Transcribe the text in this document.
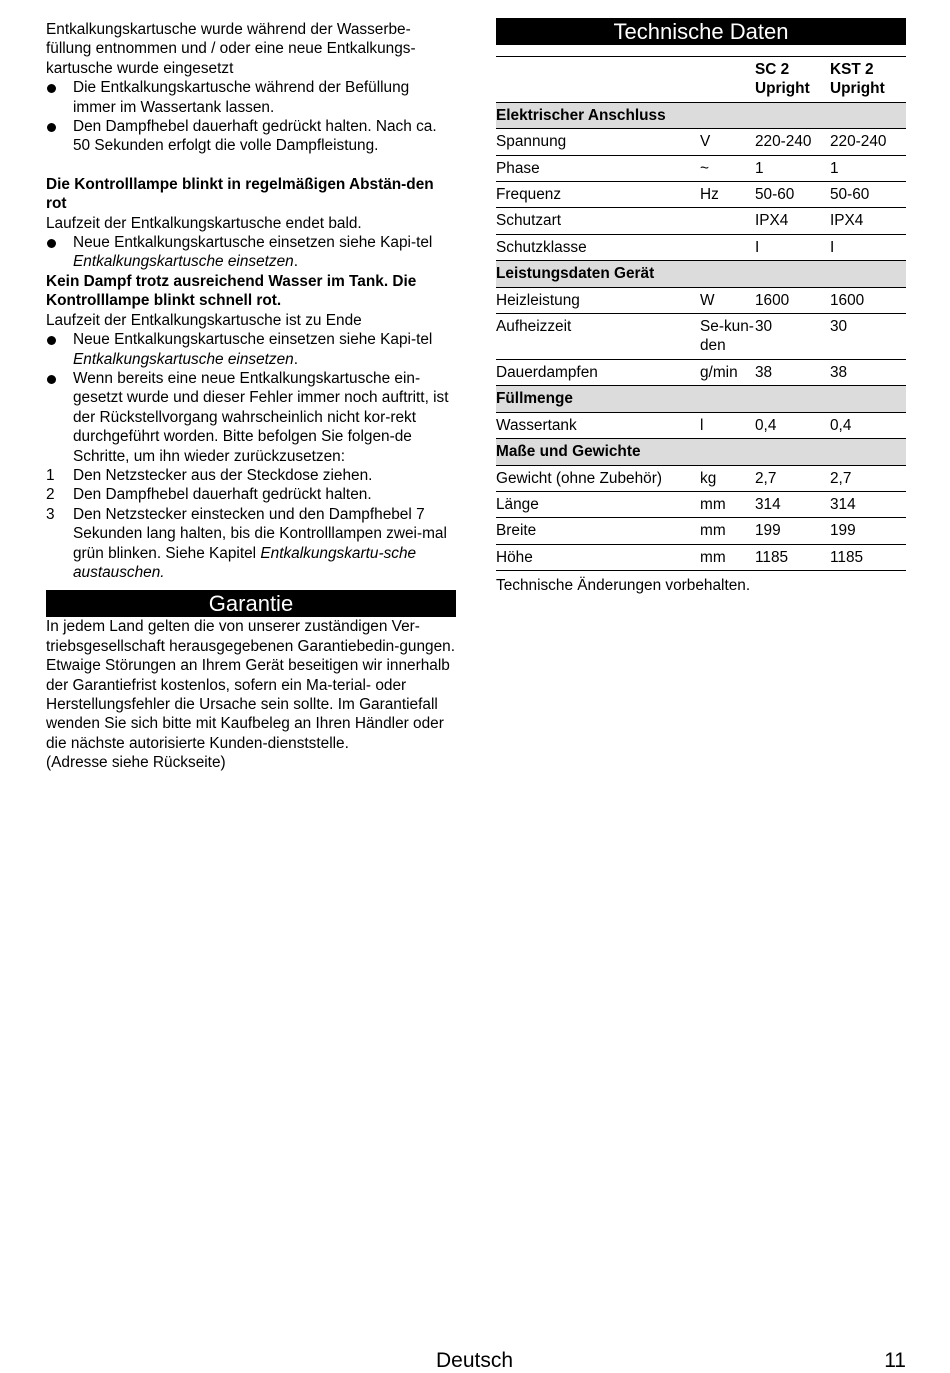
Entkalkungskartusche wurde während der Wasserbe-

füllung entnommen und / oder eine neue Entkalkungs-

kartusche wurde eingesetzt

Die Entkalkungskartusche während der Befüllung immer im Wassertank lassen.
Den Dampfhebel dauerhaft gedrückt halten. Nach ca. 50 Sekunden erfolgt die volle Dampfleistung.

Die Kontrolllampe blinkt in regelmäßigen Abstän-den rot

Laufzeit der Entkalkungskartusche endet bald.

Neue Entkalkungskartusche einsetzen siehe Kapi-tel Entkalkungskartusche einsetzen.

Kein Dampf trotz ausreichend Wasser im Tank. Die Kontrolllampe blinkt schnell rot.

Laufzeit der Entkalkungskartusche ist zu Ende

Neue Entkalkungskartusche einsetzen siehe Kapi-tel Entkalkungskartusche einsetzen.
Wenn bereits eine neue Entkalkungskartusche ein-gesetzt wurde und dieser Fehler immer noch auftritt, ist der Rückstellvorgang wahrscheinlich nicht kor-rekt durchgeführt worden. Bitte befolgen Sie folgen-de Schritte, um ihn wieder zurückzusetzen:
1	Den Netzstecker aus der Steckdose ziehen.
2	Den Dampfhebel dauerhaft gedrückt halten.
3	Den Netzstecker einstecken und den Dampfhebel 7 Sekunden lang halten, bis die Kontrolllampen zwei-mal grün blinken. Siehe Kapitel Entkalkungskartu-sche austauschen.
Garantie

In jedem Land gelten die von unserer zuständigen Ver-triebsgesellschaft herausgegebenen Garantiebedin-gungen. Etwaige Störungen an Ihrem Gerät beseitigen wir innerhalb der Garantiefrist kostenlos, sofern ein Ma-terial- oder Herstellungsfehler die Ursache sein sollte. Im Garantiefall wenden Sie sich bitte mit Kaufbeleg an Ihren Händler oder die nächste autorisierte Kunden-dienststelle.

(Adresse siehe Rückseite)

Technische Daten
		SC 2 Upright	KST 2 Upright
Elektrischer Anschluss			
Spannung	V	220-240	220-240
Phase	~	1	1
Frequenz	Hz	50-60	50-60
Schutzart		IPX4	IPX4
Schutzklasse		I	I
Leistungsdaten Gerät			
Heizleistung	W	1600	1600
Aufheizzeit	Se-kun-den	30	30
Dauerdampfen	g/min	38	38
Füllmenge			
Wassertank	l	0,4	0,4
Maße und Gewichte			
Gewicht (ohne Zubehör)	kg	2,7	2,7
Länge	mm	314	314
Breite	mm	199	199
Höhe	mm	1185	1185

Technische Änderungen vorbehalten.

Deutsch	11
